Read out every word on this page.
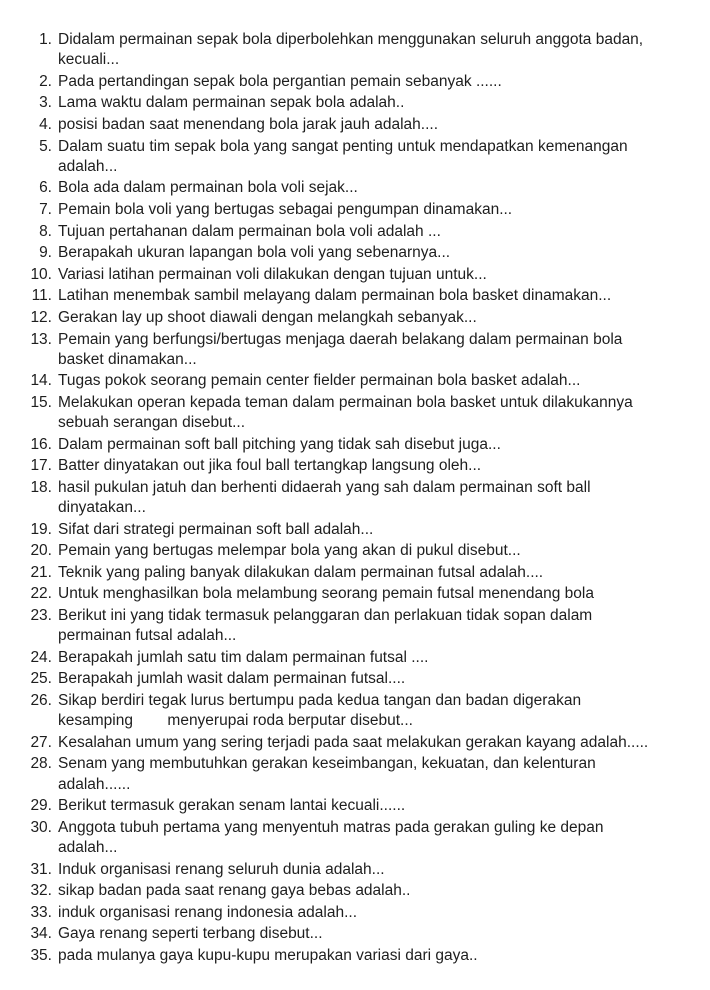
1. Didalam permainan sepak bola diperbolehkan menggunakan seluruh anggota badan,
kecuali...
2. Pada pertandingan sepak bola pergantian pemain sebanyak ......
3. Lama waktu dalam permainan sepak bola adalah..
4. posisi badan saat menendang bola jarak jauh adalah....
5. Dalam suatu tim sepak bola yang sangat penting untuk mendapatkan kemenangan
adalah...
6. Bola ada dalam permainan bola voli sejak...
7. Pemain bola voli yang bertugas sebagai pengumpan dinamakan...
8. Tujuan pertahanan dalam permainan bola voli adalah ...
9. Berapakah ukuran lapangan bola voli yang sebenarnya...
10. Variasi latihan permainan voli dilakukan dengan tujuan untuk...
11. Latihan menembak sambil melayang dalam permainan bola basket dinamakan...
12. Gerakan lay up shoot diawali dengan melangkah sebanyak...
13. Pemain yang berfungsi/bertugas menjaga daerah belakang dalam permainan bola
basket dinamakan...
14. Tugas pokok seorang pemain center fielder permainan bola basket adalah...
15. Melakukan operan kepada teman dalam permainan bola basket untuk dilakukannya
sebuah serangan disebut...
16. Dalam permainan soft ball pitching yang tidak sah disebut juga...
17. Batter dinyatakan out jika foul ball tertangkap langsung oleh...
18. hasil pukulan jatuh dan berhenti didaerah yang sah dalam permainan soft ball
dinyatakan...
19. Sifat dari strategi permainan soft ball adalah...
20. Pemain yang bertugas melempar bola yang akan di pukul disebut...
21. Teknik yang paling banyak dilakukan dalam permainan futsal adalah....
22. Untuk menghasilkan bola melambung seorang pemain futsal menendang bola
23. Berikut ini yang tidak termasuk pelanggaran dan perlakuan tidak sopan dalam
permainan futsal adalah...
24. Berapakah jumlah satu tim dalam permainan futsal ....
25. Berapakah jumlah wasit dalam permainan futsal....
26. Sikap berdiri tegak lurus bertumpu pada kedua tangan dan badan digerakan
kesamping        menyerupai roda berputar disebut...
27. Kesalahan umum yang sering terjadi pada saat melakukan gerakan kayang adalah.....
28. Senam yang membutuhkan gerakan keseimbangan, kekuatan, dan kelenturan
adalah......
29. Berikut termasuk gerakan senam lantai kecuali......
30. Anggota tubuh pertama yang menyentuh matras pada gerakan guling ke depan
adalah...
31. Induk organisasi renang seluruh dunia adalah...
32. sikap badan pada saat renang gaya bebas adalah..
33. induk organisasi renang indonesia adalah...
34. Gaya renang seperti terbang disebut...
35. pada mulanya gaya kupu-kupu merupakan variasi dari gaya..
